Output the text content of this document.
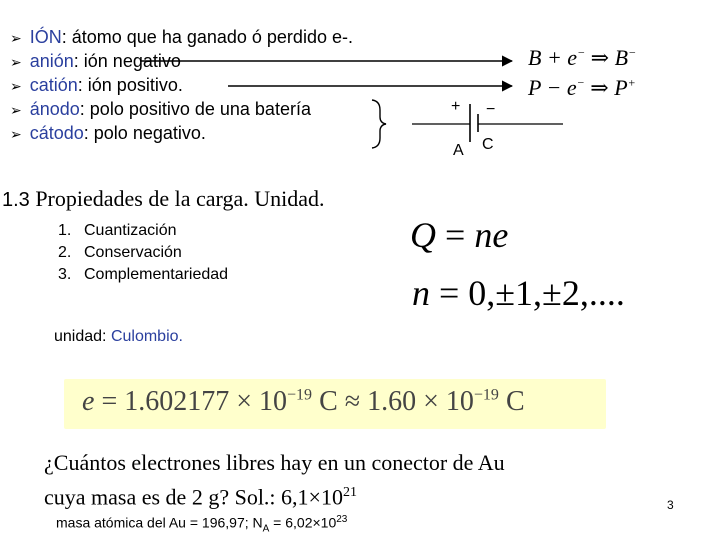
➢ IÓN: átomo que ha ganado ó perdido e-.
➢ anión: ión negativo
➢ catión: ión positivo.
➢ ánodo: polo positivo de una batería
➢ cátodo: polo negativo.
+ −
A C
B + e− ⇒ B−
P − e− ⇒ P+
1.3 Propiedades de la carga. Unidad.
1. Cuantización
2. Conservación
3. Complementariedad
Q = ne
n = 0,±1,±2,....
unidad: Culombio.
$e = 1.602177 \times 10^{-19}$ $C \approx 1.60 \times 10^{-19}$ C
¿Cuántos electrones libres hay en un conector de Au
cuya masa es de 2 g? Sol.: $6,1\times 10^{21}$
masa atómica del Au = 196,97; $N_A = 6,02\times 10^{23}$
3
